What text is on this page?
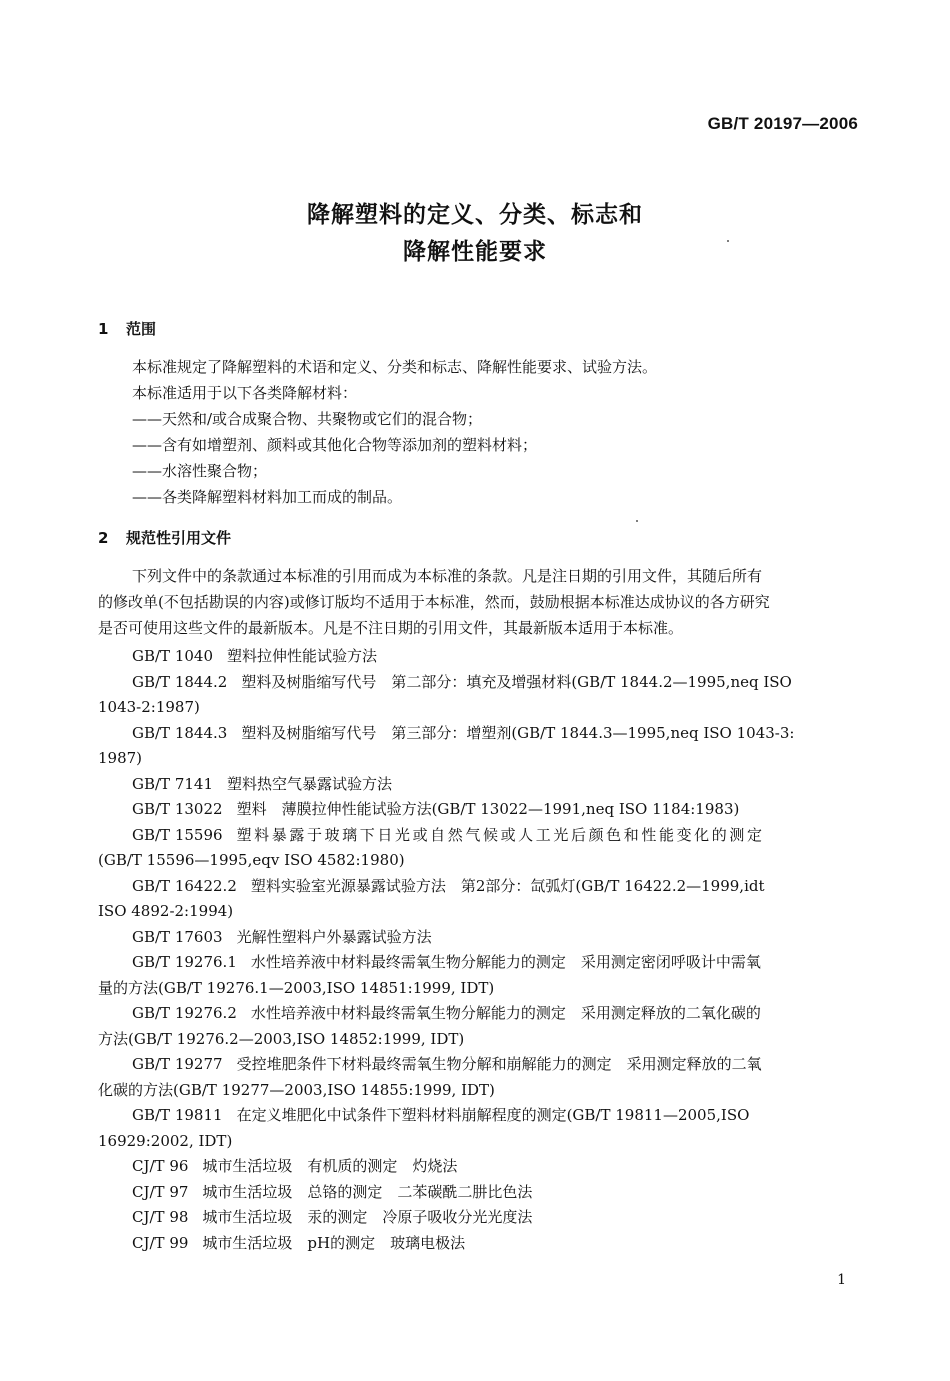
GB/T 20197—2006
降解塑料的定义、分类、标志和
降解性能要求
1 范围
本标准规定了降解塑料的术语和定义、分类和标志、降解性能要求、试验方法。
本标准适用于以下各类降解材料：
——天然和/或合成聚合物、共聚物或它们的混合物；
——含有如增塑剂、颜料或其他化合物等添加剂的塑料材料；
——水溶性聚合物；
——各类降解塑料材料加工而成的制品。
2 规范性引用文件
下列文件中的条款通过本标准的引用而成为本标准的条款。凡是注日期的引用文件，其随后所有
的修改单(不包括勘误的内容)或修订版均不适用于本标准，然而，鼓励根据本标准达成协议的各方研究
是否可使用这些文件的最新版本。凡是不注日期的引用文件，其最新版本适用于本标准。
GB/T 1040 塑料拉伸性能试验方法
GB/T 1844.2 塑料及树脂缩写代号　第二部分：填充及增强材料(GB/T 1844.2—1995,neq ISO
1043-2:1987)
GB/T 1844.3 塑料及树脂缩写代号　第三部分：增塑剂(GB/T 1844.3—1995,neq ISO 1043-3:
1987)
GB/T 7141 塑料热空气暴露试验方法
GB/T 13022 塑料　薄膜拉伸性能试验方法(GB/T 13022—1991,neq ISO 1184:1983)
GB/T 15596 塑料暴露于玻璃下日光或自然气候或人工光后颜色和性能变化的测定
(GB/T 15596—1995,eqv ISO 4582:1980)
GB/T 16422.2 塑料实验室光源暴露试验方法　第2部分：氙弧灯(GB/T 16422.2—1999,idt
ISO 4892-2:1994)
GB/T 17603 光解性塑料户外暴露试验方法
GB/T 19276.1 水性培养液中材料最终需氧生物分解能力的测定　采用测定密闭呼吸计中需氧
量的方法(GB/T 19276.1—2003,ISO 14851:1999, IDT)
GB/T 19276.2 水性培养液中材料最终需氧生物分解能力的测定　采用测定释放的二氧化碳的
方法(GB/T 19276.2—2003,ISO 14852:1999, IDT)
GB/T 19277 受控堆肥条件下材料最终需氧生物分解和崩解能力的测定　采用测定释放的二氧
化碳的方法(GB/T 19277—2003,ISO 14855:1999, IDT)
GB/T 19811 在定义堆肥化中试条件下塑料材料崩解程度的测定(GB/T 19811—2005,ISO
16929:2002, IDT)
CJ/T 96 城市生活垃圾　有机质的测定　灼烧法
CJ/T 97 城市生活垃圾　总铬的测定　二苯碳酰二肼比色法
CJ/T 98 城市生活垃圾　汞的测定　冷原子吸收分光光度法
CJ/T 99 城市生活垃圾　pH的测定　玻璃电极法
1
